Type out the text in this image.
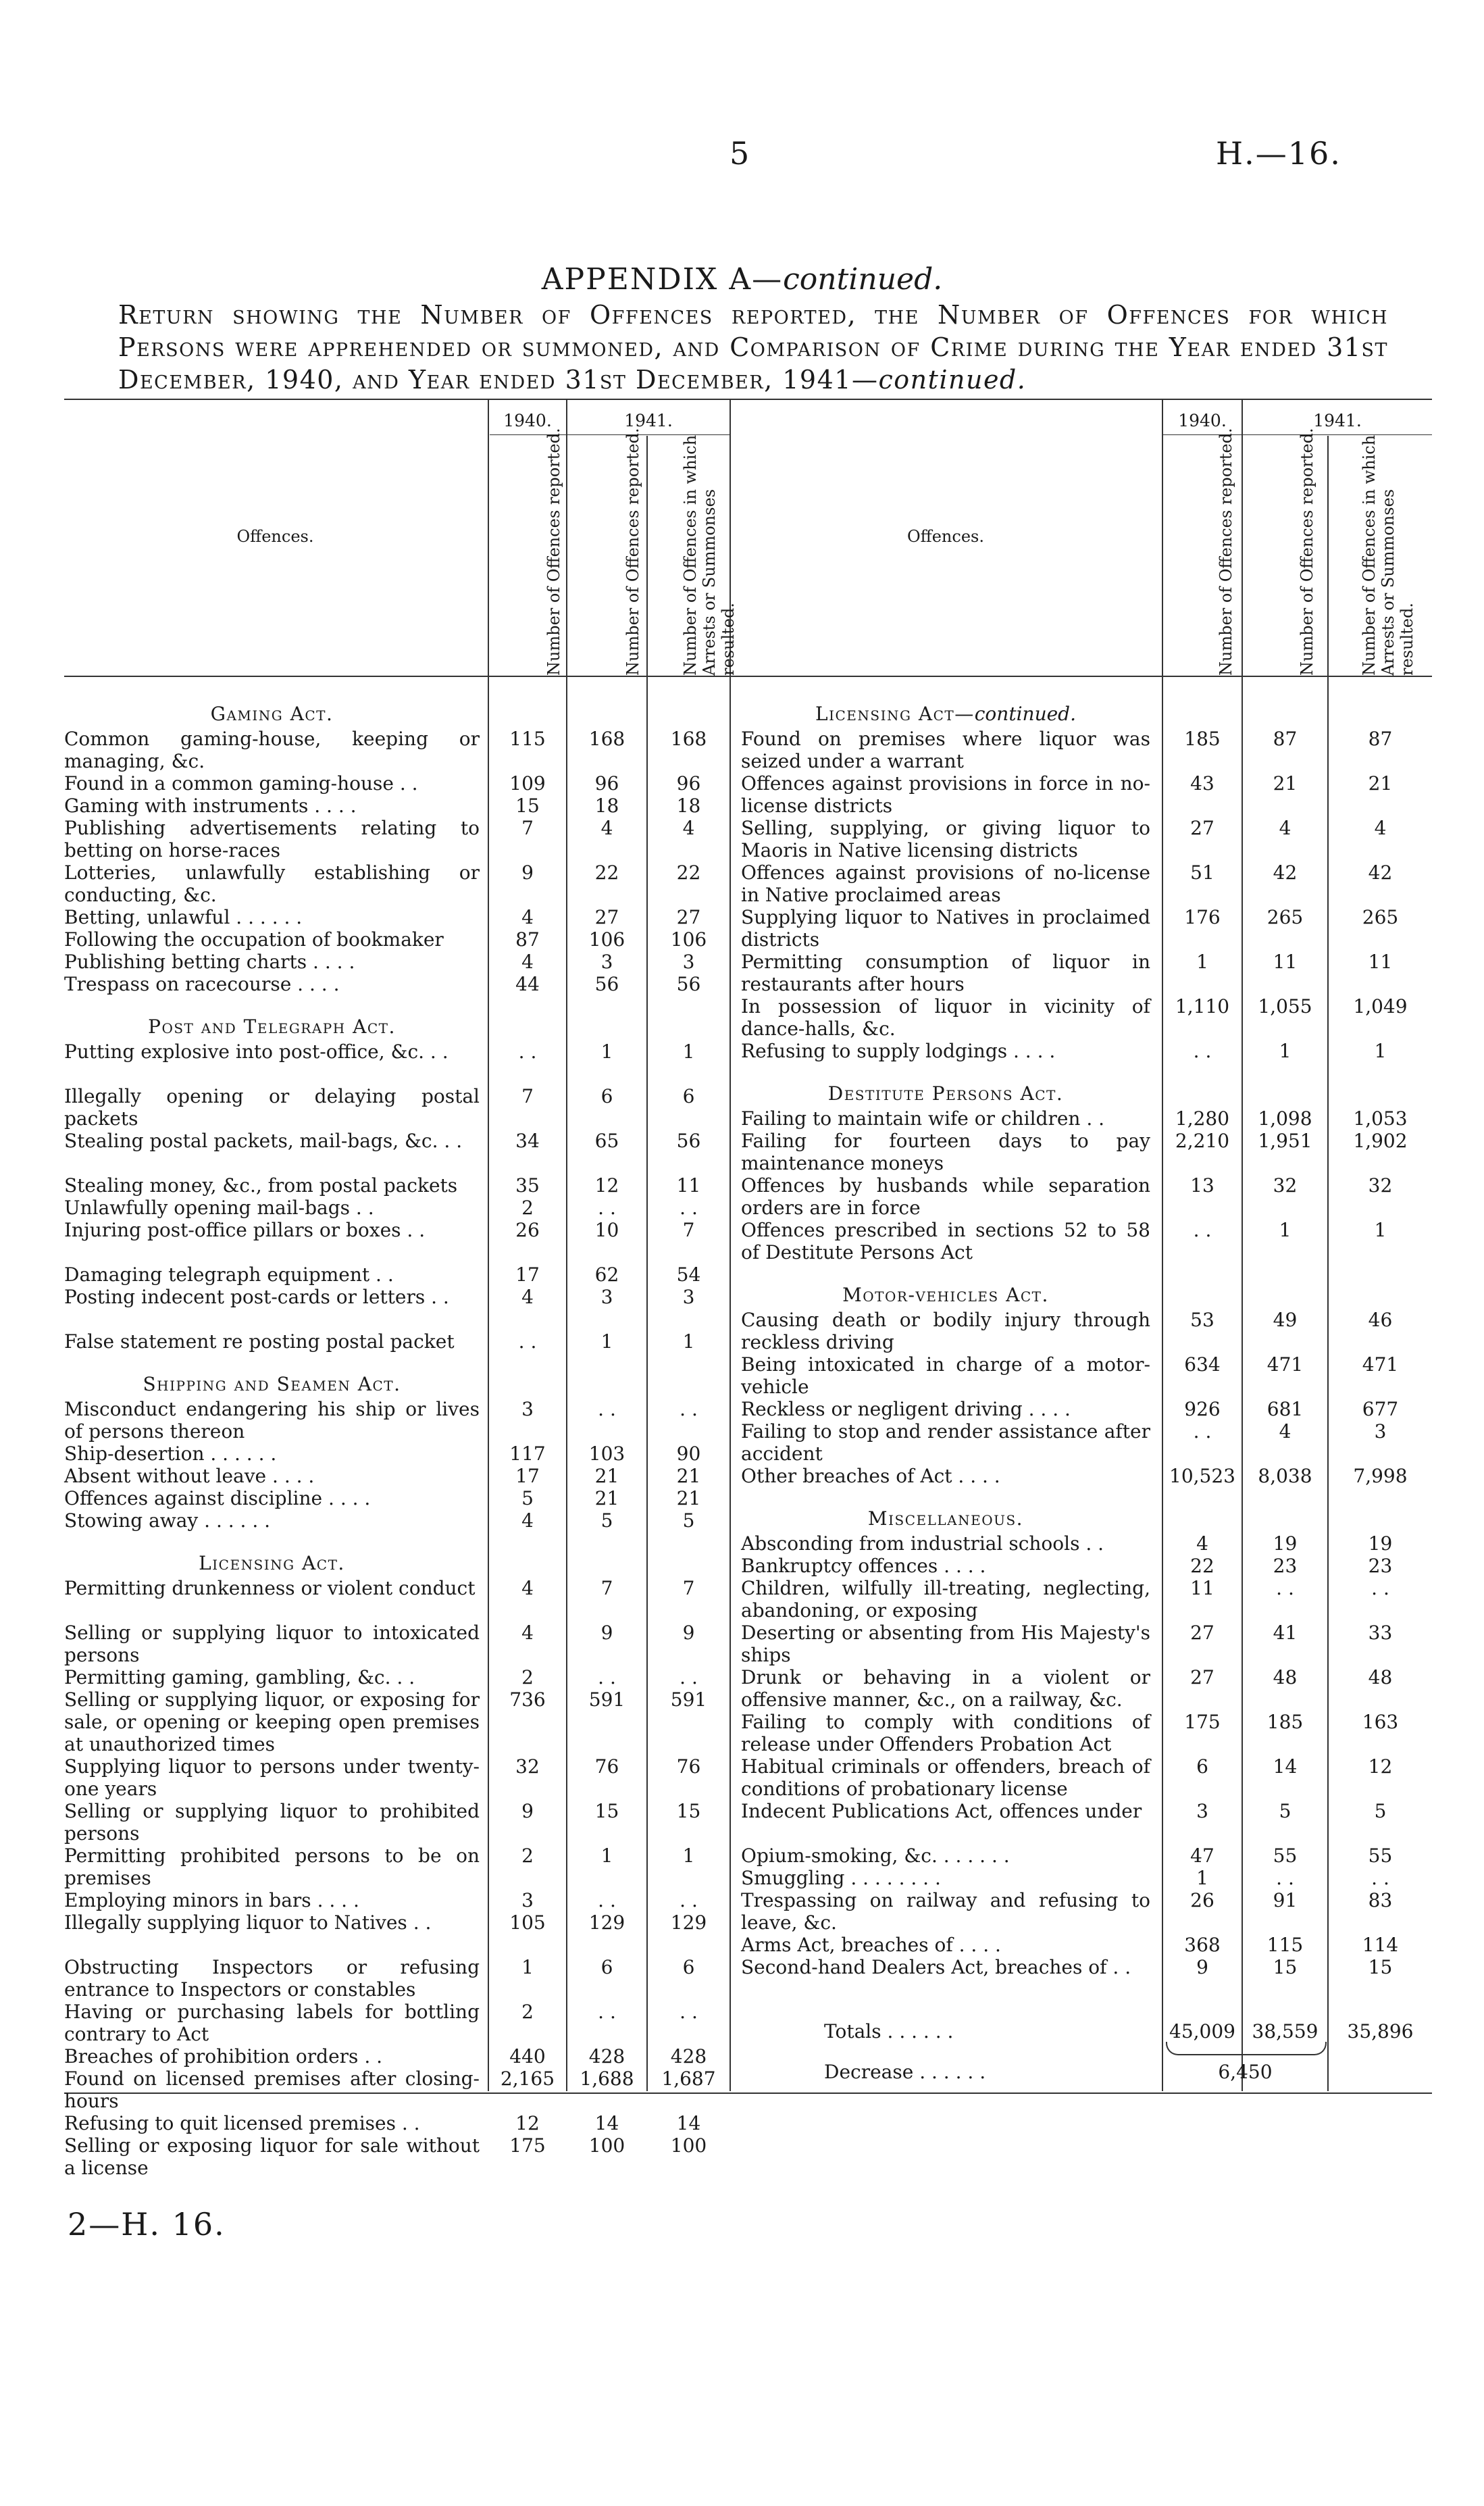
5	H.—16.
APPENDIX A—continued.
Return showing the Number of Offences reported, the Number of Offences for which Persons were apprehended or summoned, and Comparison of Crime during the Year ended 31st December, 1940, and Year ended 31st December, 1941—continued.
Offences.
1940.	1941.
Number of Offences reported.	Number of Offences reported.	Number of Offences in which Arrests or Summonses resulted.
Offences.
1940.	1941.
Number of Offences reported.	Number of Offences reported.	Number of Offences in which Arrests or Summonses resulted.
Gaming Act.
Common gaming-house, keeping or managing, &c.
115	168	168
Found in a common gaming-house . .	109	96	96
Gaming with instruments . . . .	15	18	18
Publishing advertisements relating to betting on horse-races
7	4	4
Lotteries, unlawfully establishing or conducting, &c.
9	22	22
Betting, unlawful . . . . . .	4	27	27
Following the occupation of bookmaker	87	106	106
Publishing betting charts . . . .	4	3	3
Trespass on racecourse . . . .	44	56	56
Post and Telegraph Act.
Putting explosive into post-office, &c. . .	. .	1	1
Illegally opening or delaying postal packets
7	6	6
Stealing postal packets, mail-bags, &c. . .	34	65	56
Stealing money, &c., from postal packets	35	12	11
Unlawfully opening mail-bags . .	2	. .	. .
Injuring post-office pillars or boxes . .	26	10	7
Damaging telegraph equipment . .	17	62	54
Posting indecent post-cards or letters . .	4	3	3
False statement re posting postal packet	. .	1	1
Shipping and Seamen Act.
Misconduct endangering his ship or lives of persons thereon
3	. .	. .
Ship-desertion . . . . . .	117	103	90
Absent without leave . . . .	17	21	21
Offences against discipline . . . .	5	21	21
Stowing away . . . . . .	4	5	5
Licensing Act.
Permitting drunkenness or violent conduct	4	7	7
Selling or supplying liquor to intoxicated persons
4	9	9
Permitting gaming, gambling, &c. . .	2	. .	. .
Selling or supplying liquor, or exposing for sale, or opening or keeping open premises at unauthorized times
736	591	591
Supplying liquor to persons under twenty-one years
32	76	76
Selling or supplying liquor to prohibited persons
9	15	15
Permitting prohibited persons to be on premises
2	1	1
Employing minors in bars . . . .	3	. .	. .
Illegally supplying liquor to Natives . .	105	129	129
Obstructing Inspectors or refusing entrance to Inspectors or constables
1	6	6
Having or purchasing labels for bottling contrary to Act
2	. .	. .
Breaches of prohibition orders . .	440	428	428
Found on licensed premises after closing-hours
2,165	1,688	1,687
Refusing to quit licensed premises . .	12	14	14
Selling or exposing liquor for sale without a license
175	100	100
Licensing Act—continued.
Found on premises where liquor was seized under a warrant
185	87	87
Offences against provisions in force in no-license districts
43	21	21
Selling, supplying, or giving liquor to Maoris in Native licensing districts
27	4	4
Offences against provisions of no-license in Native proclaimed areas
51	42	42
Supplying liquor to Natives in proclaimed districts
176	265	265
Permitting consumption of liquor in restaurants after hours
1	11	11
In possession of liquor in vicinity of dance-halls, &c.
1,110	1,055	1,049
Refusing to supply lodgings . . . .	. .	1	1
Destitute Persons Act.
Failing to maintain wife or children . .	1,280	1,098	1,053
Failing for fourteen days to pay maintenance moneys
2,210	1,951	1,902
Offences by husbands while separation orders are in force
13	32	32
Offences prescribed in sections 52 to 58 of Destitute Persons Act
. .	1	1
Motor-vehicles Act.
Causing death or bodily injury through reckless driving
53	49	46
Being intoxicated in charge of a motor-vehicle
634	471	471
Reckless or negligent driving . . . .	926	681	677
Failing to stop and render assistance after accident
. .	4	3
Other breaches of Act . . . .	10,523	8,038	7,998
Miscellaneous.
Absconding from industrial schools . .	4	19	19
Bankruptcy offences . . . .	22	23	23
Children, wilfully ill-treating, neglecting, abandoning, or exposing
11	. .	. .
Deserting or absenting from His Majesty's ships
27	41	33
Drunk or behaving in a violent or offensive manner, &c., on a railway, &c.
27	48	48
Failing to comply with conditions of release under Offenders Probation Act
175	185	163
Habitual criminals or offenders, breach of conditions of probationary license
6	14	12
Indecent Publications Act, offences under	3	5	5
Opium-smoking, &c. . . . . . .	47	55	55
Smuggling . . . . . . . .	1	. .	. .
Trespassing on railway and refusing to leave, &c.
26	91	83
Arms Act, breaches of . . . .	368	115	114
Second-hand Dealers Act, breaches of . .	9	15	15
Totals . . . . . .	45,009 38,559	35,896
Decrease . . . . . .	6,450
2—H. 16.
